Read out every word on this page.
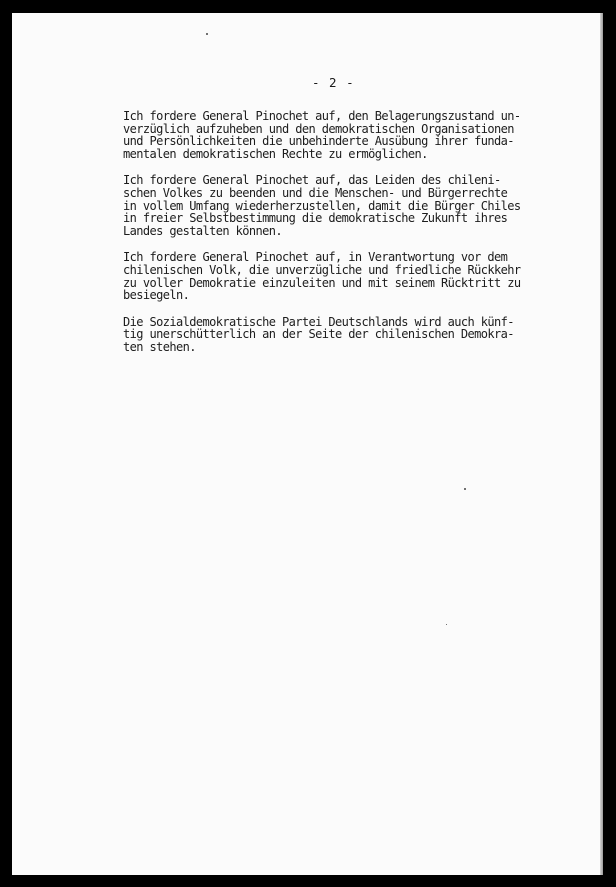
- 2 -

Ich fordere General Pinochet auf, den Belagerungszustand un-
verzüglich aufzuheben und den demokratischen Organisationen
und Persönlichkeiten die unbehinderte Ausübung ihrer funda-
mentalen demokratischen Rechte zu ermöglichen.

Ich fordere General Pinochet auf, das Leiden des chileni-
schen Volkes zu beenden und die Menschen- und Bürgerrechte
in vollem Umfang wiederherzustellen, damit die Bürger Chiles
in freier Selbstbestimmung die demokratische Zukunft ihres
Landes gestalten können.

Ich fordere General Pinochet auf, in Verantwortung vor dem
chilenischen Volk, die unverzügliche und friedliche Rückkehr
zu voller Demokratie einzuleiten und mit seinem Rücktritt zu
besiegeln.

Die Sozialdemokratische Partei Deutschlands wird auch künf-
tig unerschütterlich an der Seite der chilenischen Demokra-
ten stehen.
